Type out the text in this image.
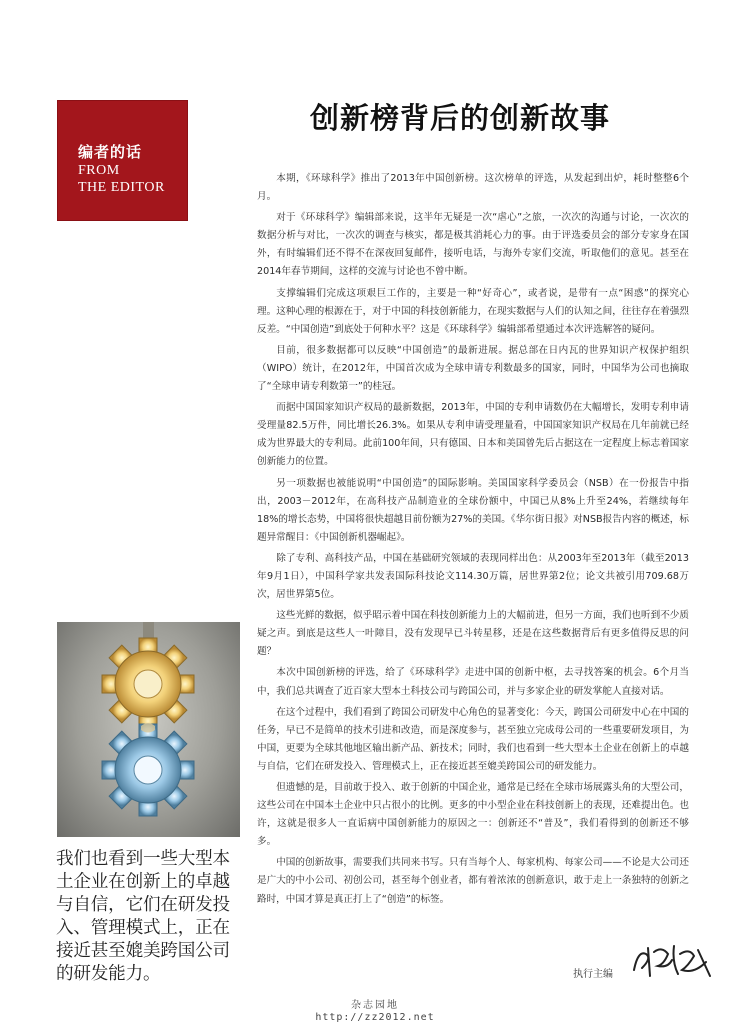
编者的话
FROM
THE EDITOR
我们也看到一些大型本土企业在创新上的卓越与自信，它们在研发投入、管理模式上，正在接近甚至媲美跨国公司的研发能力。
创新榜背后的创新故事

本期，《环球科学》推出了2013年中国创新榜。这次榜单的评选，从发起到出炉，耗时整整6个月。

对于《环球科学》编辑部来说，这半年无疑是一次“虐心”之旅，一次次的沟通与讨论，一次次的数据分析与对比，一次次的调查与核实，都是极其消耗心力的事。由于评选委员会的部分专家身在国外，有时编辑们还不得不在深夜回复邮件，接听电话，与海外专家们交流，听取他们的意见。甚至在2014年春节期间，这样的交流与讨论也不曾中断。

支撑编辑们完成这项艰巨工作的，主要是一种“好奇心”，或者说，是带有一点“困惑”的探究心理。这种心理的根源在于，对于中国的科技创新能力，在现实数据与人们的认知之间，往往存在着强烈反差。“中国创造”到底处于何种水平？这是《环球科学》编辑部希望通过本次评选解答的疑问。

目前，很多数据都可以反映“中国创造”的最新进展。据总部在日内瓦的世界知识产权保护组织（WIPO）统计，在2012年，中国首次成为全球申请专利数最多的国家，同时，中国华为公司也摘取了“全球申请专利数第一”的桂冠。

而据中国国家知识产权局的最新数据，2013年，中国的专利申请数仍在大幅增长，发明专利申请受理量82.5万件，同比增长26.3%。如果从专利申请受理量看，中国国家知识产权局在几年前就已经成为世界最大的专利局。此前100年间，只有德国、日本和美国曾先后占据这在一定程度上标志着国家创新能力的位置。

另一项数据也被能说明“中国创造”的国际影响。美国国家科学委员会（NSB）在一份报告中指出，2003－2012年，在高科技产品制造业的全球份额中，中国已从8%上升至24%，若继续每年18%的增长态势，中国将很快超越目前份额为27%的美国。《华尔街日报》对NSB报告内容的概述，标题异常醒目：《中国创新机器崛起》。

除了专利、高科技产品，中国在基础研究领域的表现同样出色：从2003年至2013年（截至2013年9月1日），中国科学家共发表国际科技论文114.30万篇，居世界第2位；论文共被引用709.68万次，居世界第5位。

这些光鲜的数据，似乎昭示着中国在科技创新能力上的大幅前进，但另一方面，我们也听到不少质疑之声。到底是这些人一叶障目，没有发现早已斗转星移，还是在这些数据背后有更多值得反思的问题？

本次中国创新榜的评选，给了《环球科学》走进中国的创新中枢，去寻找答案的机会。6个月当中，我们总共调查了近百家大型本土科技公司与跨国公司，并与多家企业的研发掌舵人直接对话。

在这个过程中，我们看到了跨国公司研发中心角色的显著变化：今天，跨国公司研发中心在中国的任务，早已不是简单的技术引进和改造，而是深度参与，甚至独立完成母公司的一些重要研发项目，为中国，更要为全球其他地区输出新产品、新技术；同时，我们也看到一些大型本土企业在创新上的卓越与自信，它们在研发投入、管理模式上，正在接近甚至媲美跨国公司的研发能力。

但遗憾的是，目前敢于投入、敢于创新的中国企业，通常是已经在全球市场展露头角的大型公司，这些公司在中国本土企业中只占很小的比例。更多的中小型企业在科技创新上的表现，还难提出色。也许，这就是很多人一直诟病中国创新能力的原因之一：创新还不“普及”，我们看得到的创新还不够多。

中国的创新故事，需要我们共同来书写。只有当每个人、每家机构、每家公司——不论是大公司还是广大的中小公司、初创公司，甚至每个创业者，都有着浓浓的创新意识，敢于走上一条独特的创新之路时，中国才算是真正打上了“创造”的标签。

执行主编
杂志园地
http://zz2012.net
